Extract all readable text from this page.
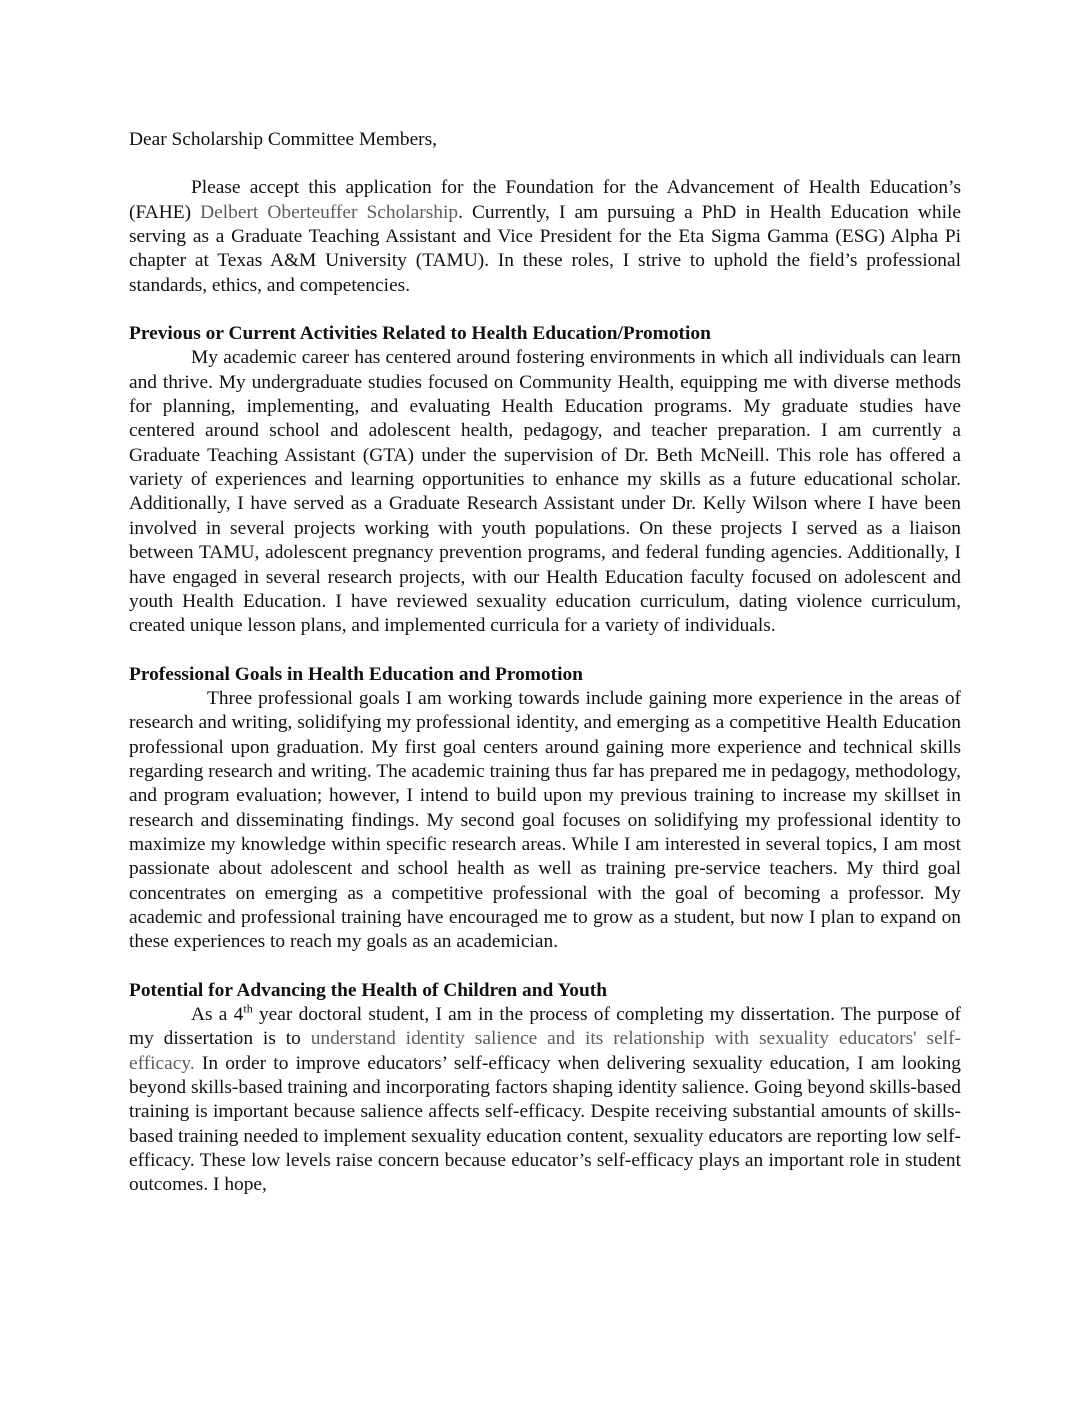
Dear Scholarship Committee Members,

Please accept this application for the Foundation for the Advancement of Health Education’s (FAHE) Delbert Oberteuffer Scholarship. Currently, I am pursuing a PhD in Health Education while serving as a Graduate Teaching Assistant and Vice President for the Eta Sigma Gamma (ESG) Alpha Pi chapter at Texas A&M University (TAMU). In these roles, I strive to uphold the field’s professional standards, ethics, and competencies.

Previous or Current Activities Related to Health Education/Promotion

My academic career has centered around fostering environments in which all individuals can learn and thrive. My undergraduate studies focused on Community Health, equipping me with diverse methods for planning, implementing, and evaluating Health Education programs. My graduate studies have centered around school and adolescent health, pedagogy, and teacher preparation. I am currently a Graduate Teaching Assistant (GTA) under the supervision of Dr. Beth McNeill. This role has offered a variety of experiences and learning opportunities to enhance my skills as a future educational scholar. Additionally, I have served as a Graduate Research Assistant under Dr. Kelly Wilson where I have been involved in several projects working with youth populations. On these projects I served as a liaison between TAMU, adolescent pregnancy prevention programs, and federal funding agencies. Additionally, I have engaged in several research projects, with our Health Education faculty focused on adolescent and youth Health Education. I have reviewed sexuality education curriculum, dating violence curriculum, created unique lesson plans, and implemented curricula for a variety of individuals.

Professional Goals in Health Education and Promotion

Three professional goals I am working towards include gaining more experience in the areas of research and writing, solidifying my professional identity, and emerging as a competitive Health Education professional upon graduation. My first goal centers around gaining more experience and technical skills regarding research and writing. The academic training thus far has prepared me in pedagogy, methodology, and program evaluation; however, I intend to build upon my previous training to increase my skillset in research and disseminating findings. My second goal focuses on solidifying my professional identity to maximize my knowledge within specific research areas. While I am interested in several topics, I am most passionate about adolescent and school health as well as training pre-service teachers. My third goal concentrates on emerging as a competitive professional with the goal of becoming a professor. My academic and professional training have encouraged me to grow as a student, but now I plan to expand on these experiences to reach my goals as an academician.

Potential for Advancing the Health of Children and Youth

As a 4th year doctoral student, I am in the process of completing my dissertation. The purpose of my dissertation is to understand identity salience and its relationship with sexuality educators' self-efficacy. In order to improve educators’ self-efficacy when delivering sexuality education, I am looking beyond skills-based training and incorporating factors shaping identity salience. Going beyond skills-based training is important because salience affects self-efficacy. Despite receiving substantial amounts of skills-based training needed to implement sexuality education content, sexuality educators are reporting low self-efficacy. These low levels raise concern because educator’s self-efficacy plays an important role in student outcomes. I hope,
